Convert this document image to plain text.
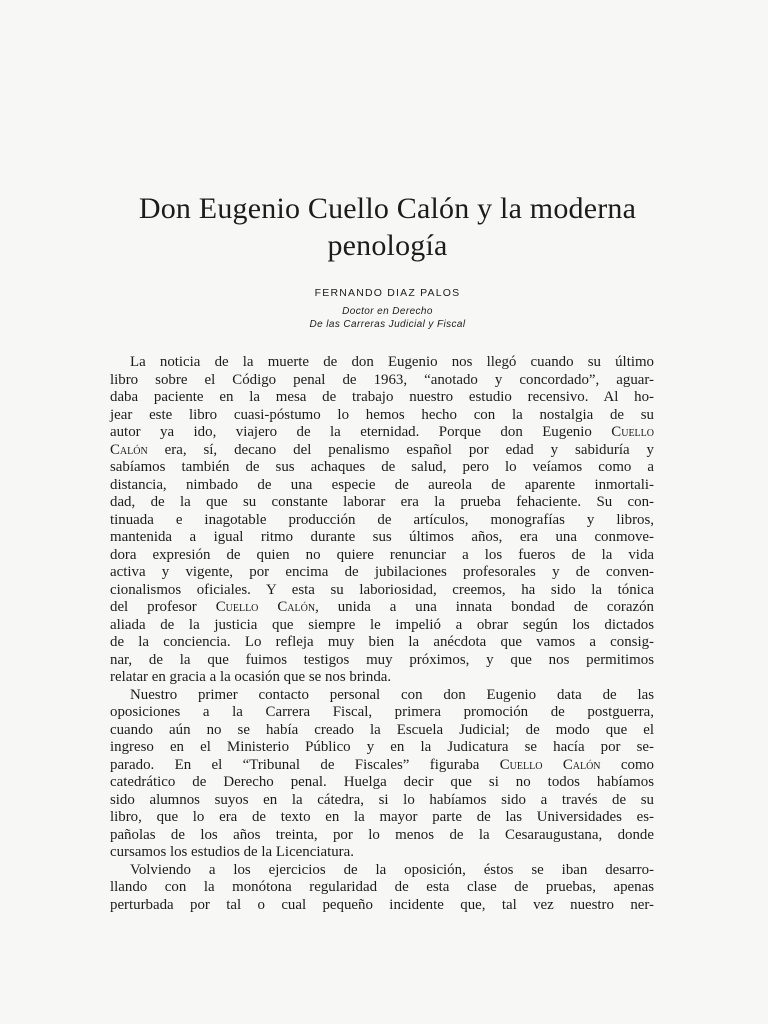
Don Eugenio Cuello Calón y la moderna
penología
FERNANDO DIAZ PALOS
Doctor en Derecho
De las Carreras Judicial y Fiscal
La noticia de la muerte de don Eugenio nos llegó cuando su último
libro sobre el Código penal de 1963, “anotado y concordado”, aguar-
daba paciente en la mesa de trabajo nuestro estudio recensivo. Al ho-
jear este libro cuasi-póstumo lo hemos hecho con la nostalgia de su
autor ya ido, viajero de la eternidad. Porque don Eugenio Cuello
Calón era, sí, decano del penalismo español por edad y sabiduría y
sabíamos también de sus achaques de salud, pero lo veíamos como a
distancia, nimbado de una especie de aureola de aparente inmortali-
dad, de la que su constante laborar era la prueba fehaciente. Su con-
tinuada e inagotable producción de artículos, monografías y libros,
mantenida a igual ritmo durante sus últimos años, era una conmove-
dora expresión de quien no quiere renunciar a los fueros de la vida
activa y vigente, por encima de jubilaciones profesorales y de conven-
cionalismos oficiales. Y esta su laboriosidad, creemos, ha sido la tónica
del profesor Cuello Calón, unida a una innata bondad de corazón
aliada de la justicia que siempre le impelió a obrar según los dictados
de la conciencia. Lo refleja muy bien la anécdota que vamos a consig-
nar, de la que fuimos testigos muy próximos, y que nos permitimos
relatar en gracia a la ocasión que se nos brinda.
Nuestro primer contacto personal con don Eugenio data de las
oposiciones a la Carrera Fiscal, primera promoción de postguerra,
cuando aún no se había creado la Escuela Judicial; de modo que el
ingreso en el Ministerio Público y en la Judicatura se hacía por se-
parado. En el “Tribunal de Fiscales” figuraba Cuello Calón como
catedrático de Derecho penal. Huelga decir que si no todos habíamos
sido alumnos suyos en la cátedra, si lo habíamos sido a través de su
libro, que lo era de texto en la mayor parte de las Universidades es-
pañolas de los años treinta, por lo menos de la Cesaraugustana, donde
cursamos los estudios de la Licenciatura.
Volviendo a los ejercicios de la oposición, éstos se iban desarro-
llando con la monótona regularidad de esta clase de pruebas, apenas
perturbada por tal o cual pequeño incidente que, tal vez nuestro ner-
